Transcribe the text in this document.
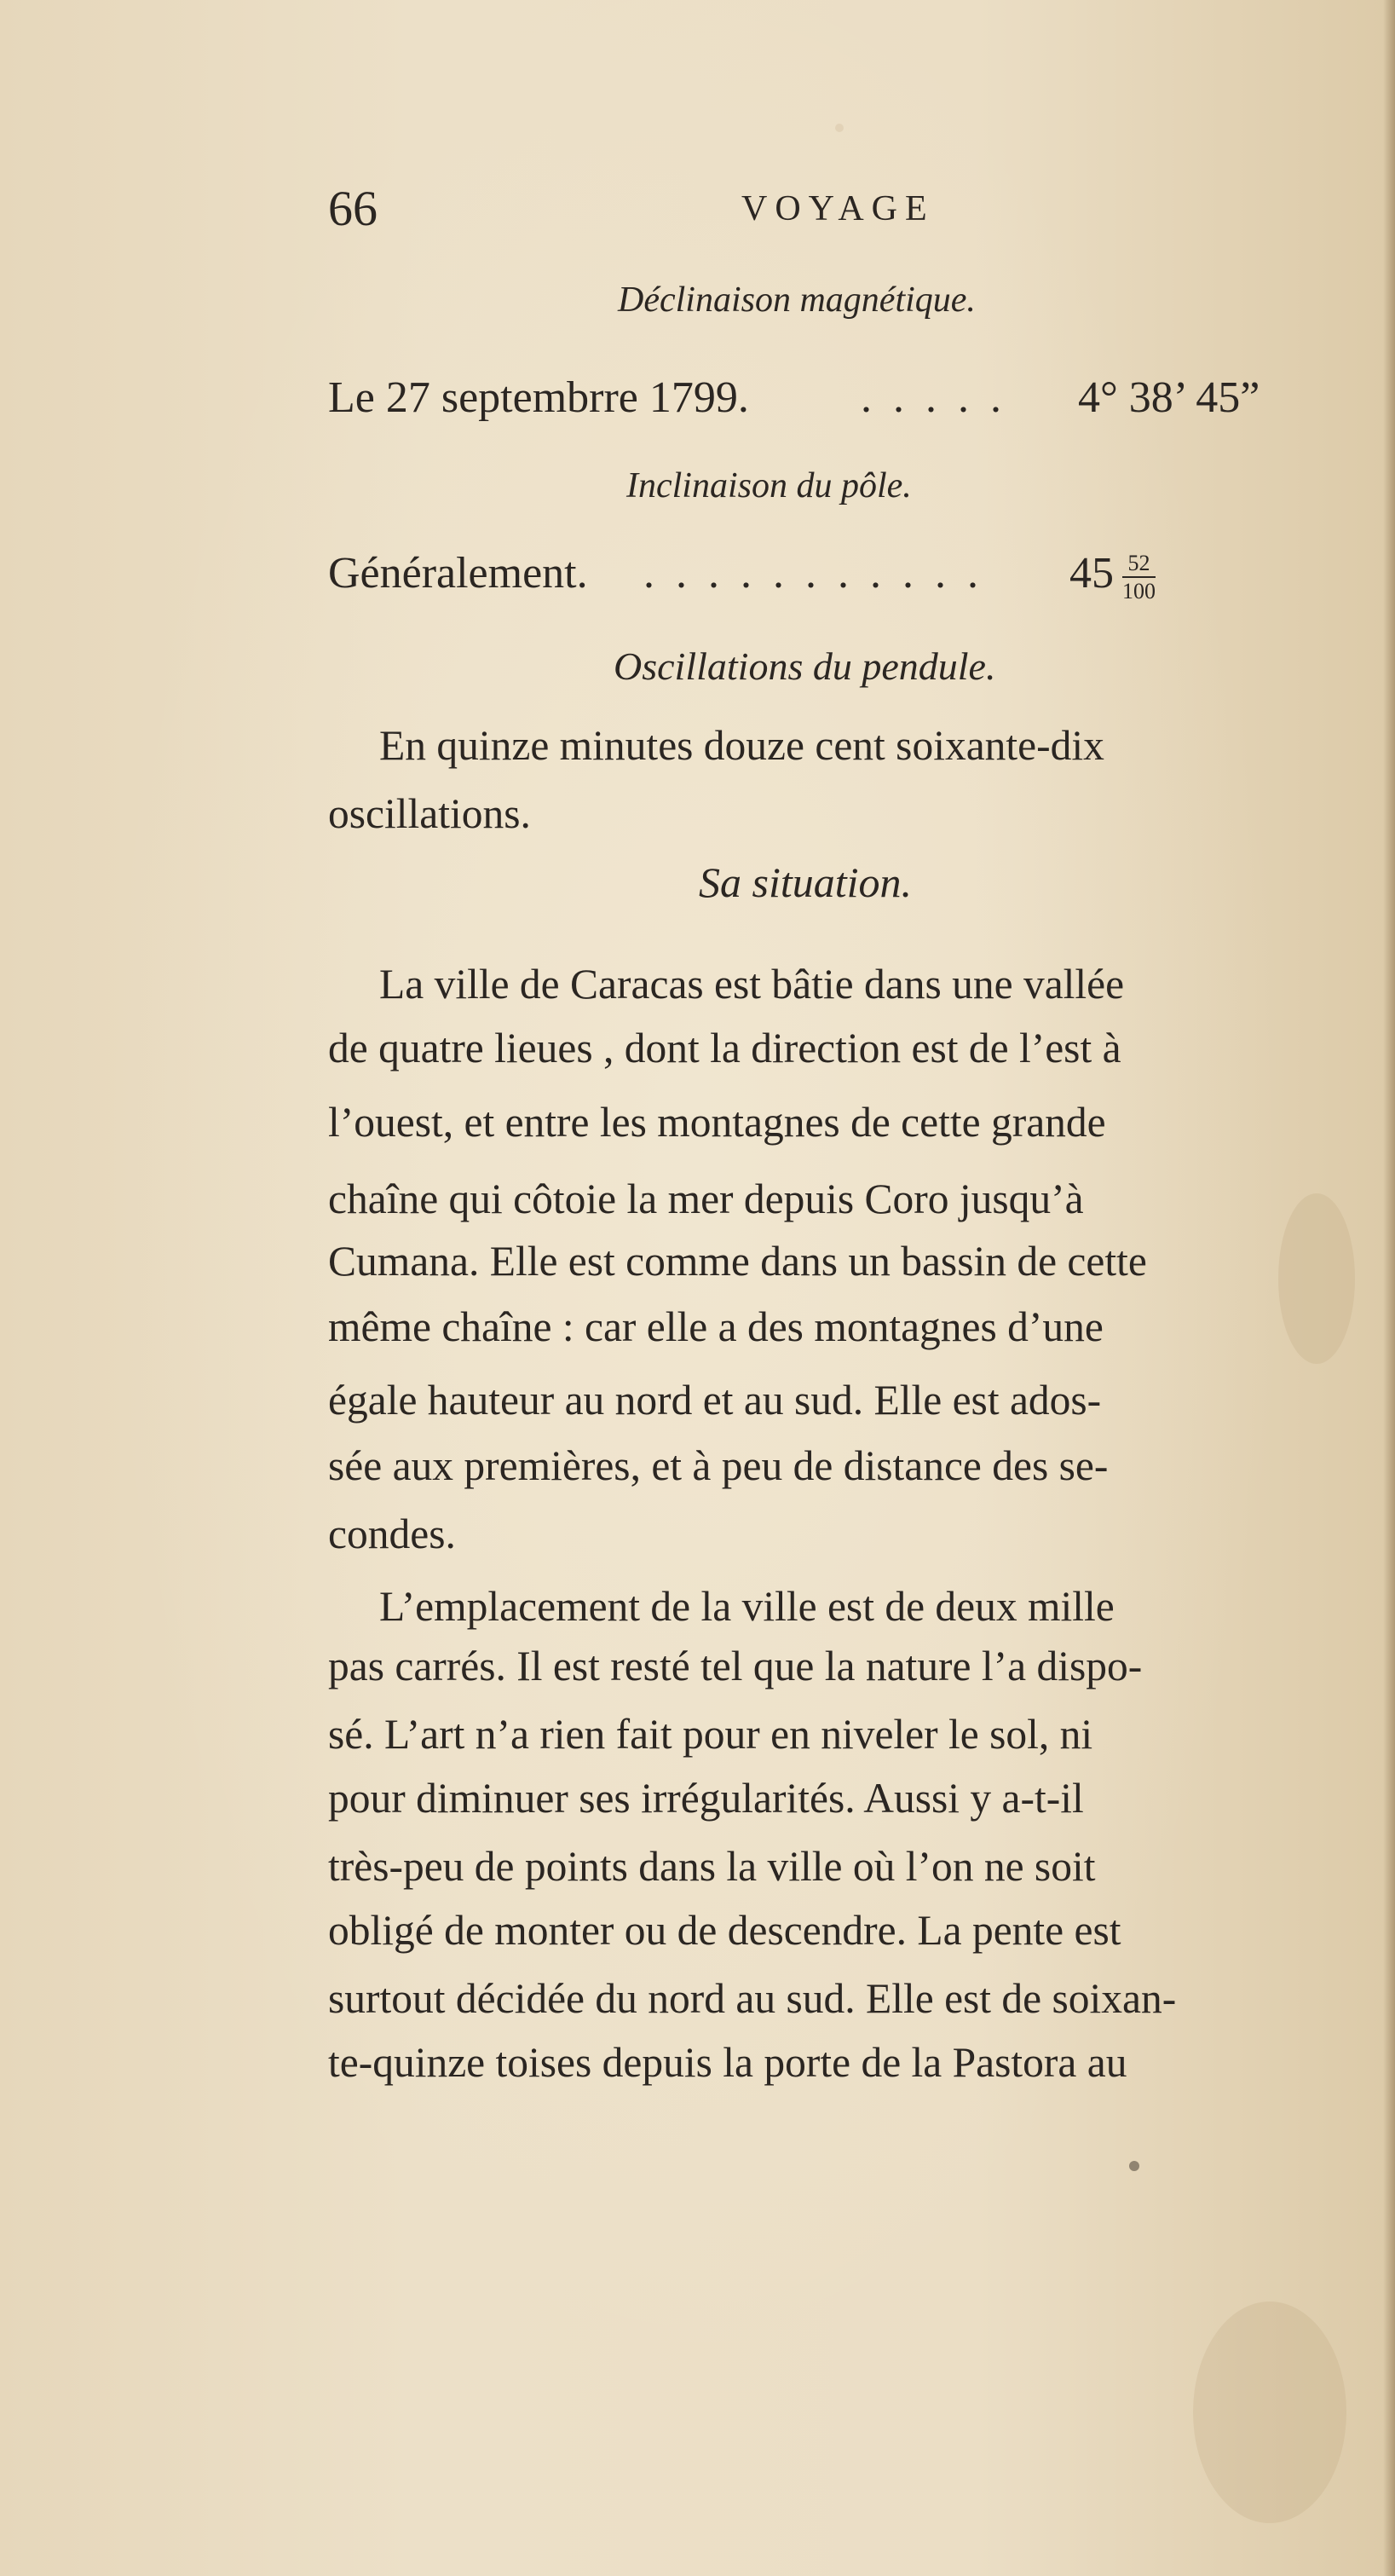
66	VOYAGE
Déclinaison magnétique.
Le 27 septembrre 1799.	. . . . . 4° 38’ 45”
Inclinaison du pôle.
Généralement. . . . . . . . . . . . $45 \frac{52}{100}$
Oscillations du pendule.
En quinze minutes douze cent soixante-dix
oscillations.
Sa situation.
La ville de Caracas est bâtie dans une vallée
de quatre lieues , dont la direction est de l’est à
l’ouest, et entre les montagnes de cette grande
chaîne qui côtoie la mer depuis Coro jusqu’à
Cumana. Elle est comme dans un bassin de cette
même chaîne : car elle a des montagnes d’une
égale hauteur au nord et au sud. Elle est ados-
sée aux premières, et à peu de distance des se-
condes.
L’emplacement de la ville est de deux mille
pas carrés. Il est resté tel que la nature l’a dispo-
sé. L’art n’a rien fait pour en niveler le sol, ni
pour diminuer ses irrégularités. Aussi y a-t-il
très-peu de points dans la ville où l’on ne soit
obligé de monter ou de descendre. La pente est
surtout décidée du nord au sud. Elle est de soixan-
te-quinze toises depuis la porte de la Pastora au
